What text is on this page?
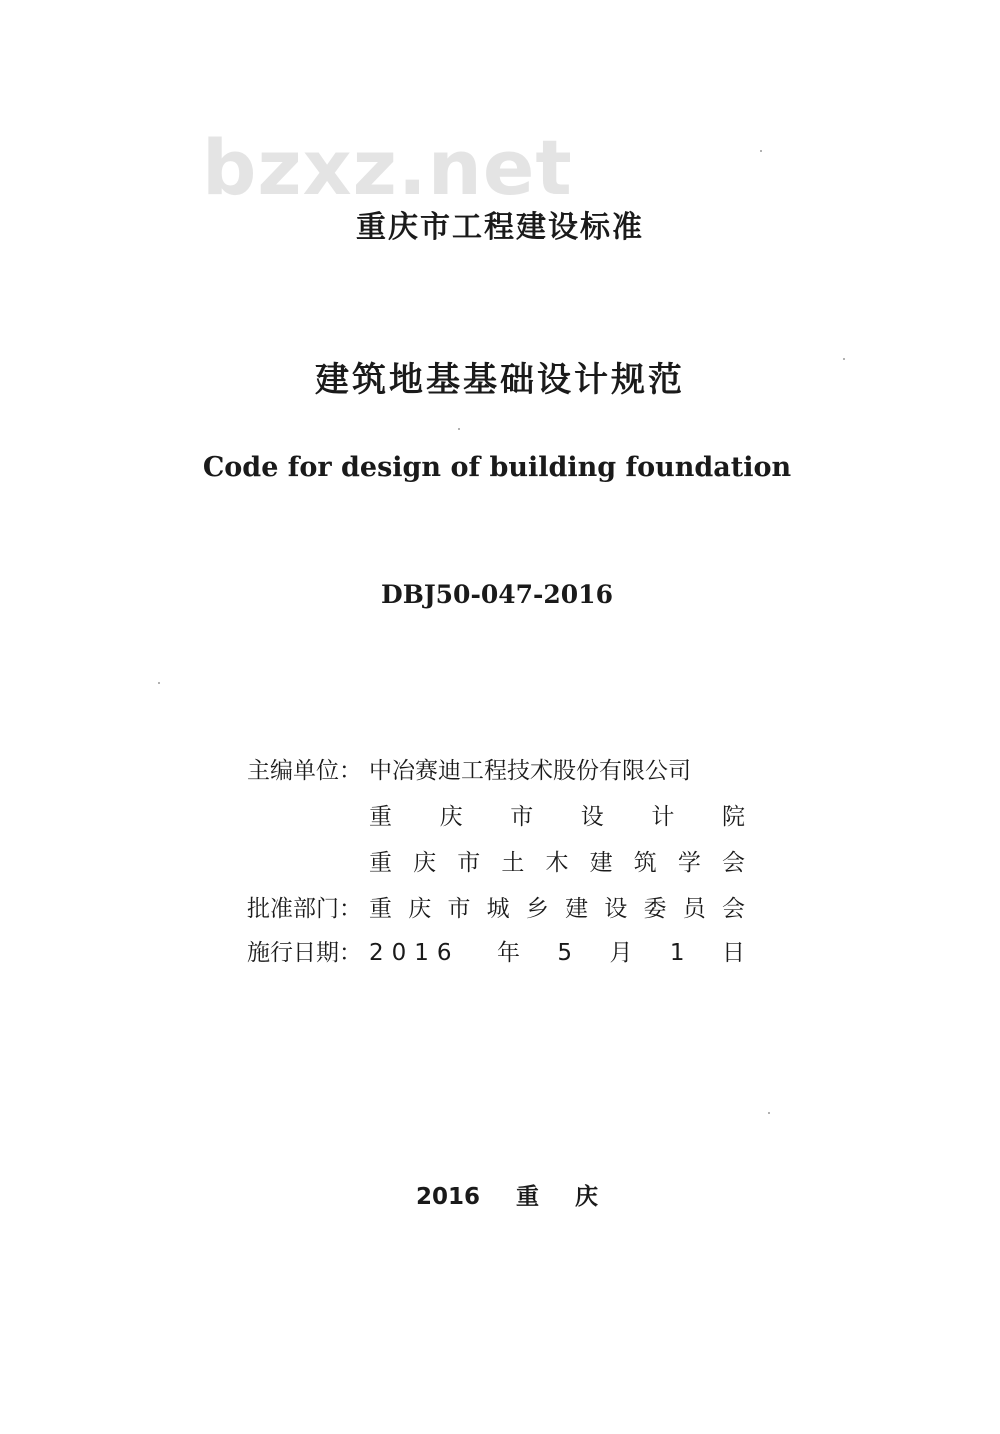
bzxz.net
重庆市工程建设标准
建筑地基基础设计规范
Code for design of building foundation
DBJ50-047-2016
主编单位： 中冶赛迪工程技术股份有限公司
重 庆 市 设 计 院
重 庆 市 土 木 建 筑 学 会
批准部门： 重 庆 市 城 乡 建 设 委 员 会
施行日期： 2016 年 5 月 1 日
2016 重 庆
